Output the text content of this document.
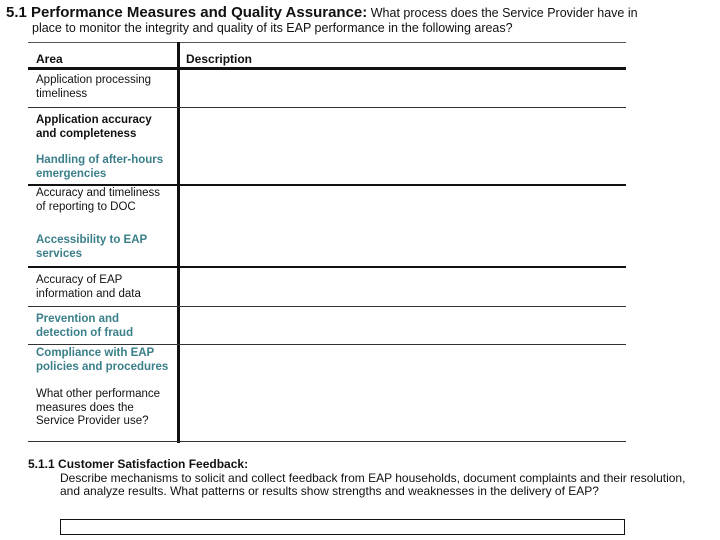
5.1 Performance Measures and Quality Assurance: What process does the Service Provider have in
place to monitor the integrity and quality of its EAP performance in the following areas?
Area	Description
Application processing timeliness
Application accuracy and completeness
Handling of after-hours emergencies
Accuracy and timeliness of reporting to DOC
Accessibility to EAP services
Accuracy of EAP information and data
Prevention and detection of fraud
Compliance with EAP policies and procedures
What other performance measures does the Service Provider use?
5.1.1 Customer Satisfaction Feedback:
Describe mechanisms to solicit and collect feedback from EAP households, document complaints and their resolution, and analyze results. What patterns or results show strengths and weaknesses in the delivery of EAP?
